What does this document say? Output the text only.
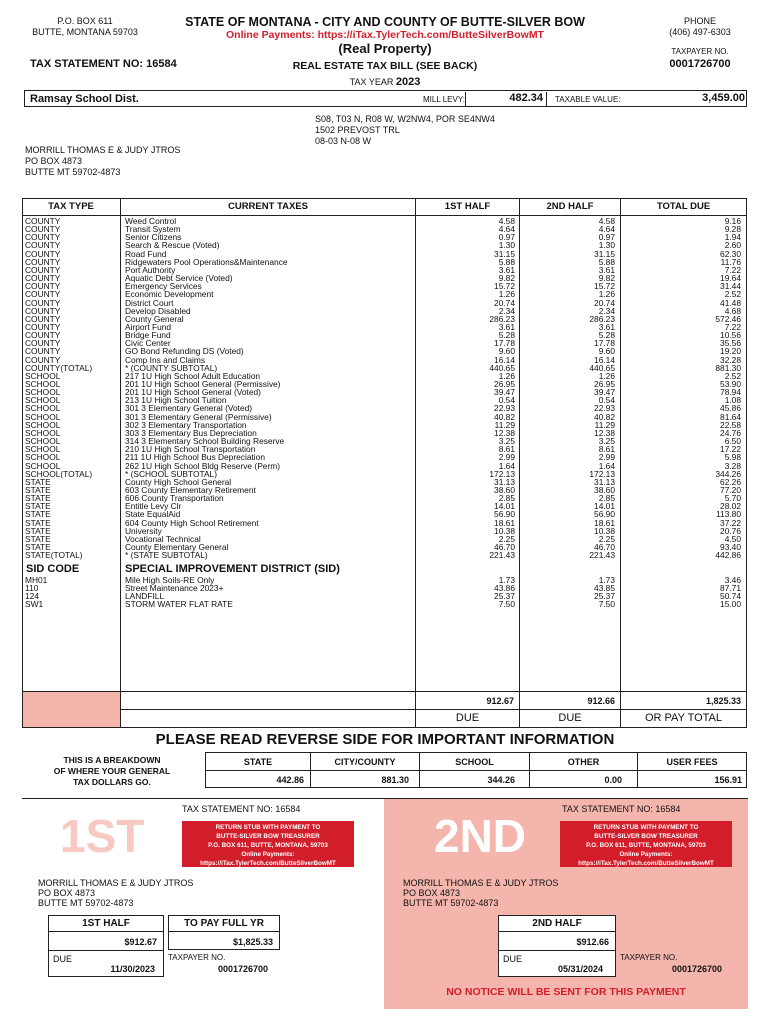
P.O. BOX 611
BUTTE, MONTANA 59703
STATE OF MONTANA - CITY AND COUNTY OF BUTTE-SILVER BOW
Online Payments: https://iTax.TylerTech.com/ButteSilverBowMT
PHONE
(406) 497-6303
(Real Property)	TAXPAYER NO.
TAX STATEMENT NO: 16584	REAL ESTATE TAX BILL (SEE BACK)	0001726700
TAX YEAR 2023
Ramsay School Dist.	MILL LEVY:	482.34	TAXABLE VALUE:	3,459.00
S08, T03 N, R08 W, W2NW4, POR SE4NW4
1502 PREVOST TRL
08-03 N-08 W
MORRILL THOMAS E & JUDY JTROS
PO BOX 4873
BUTTE MT 59702-4873
TAX TYPE	CURRENT TAXES	1ST HALF	2ND HALF	TOTAL DUE
COUNTY	Weed Control	4.58	4.58	9.16
COUNTY	Transit System	4.64	4.64	9.28
COUNTY	Senior Citizens	0.97	0.97	1.94
COUNTY	Search & Rescue (Voted)	1.30	1.30	2.60
COUNTY	Road Fund	31.15	31.15	62.30
COUNTY	Ridgewaters Pool Operations&Maintenance	5.88	5.88	11.76
COUNTY	Port Authority	3.61	3.61	7.22
COUNTY	Aquatic Debt Service (Voted)	9.82	9.82	19.64
COUNTY	Emergency Services	15.72	15.72	31.44
COUNTY	Economic Development	1.26	1.26	2.52
COUNTY	District Court	20.74	20.74	41.48
COUNTY	Develop Disabled	2.34	2.34	4.68
COUNTY	County General	286.23	286.23	572.46
COUNTY	Airport Fund	3.61	3.61	7.22
COUNTY	Bridge Fund	5.28	5.28	10.56
COUNTY	Civic Center	17.78	17.78	35.56
COUNTY	GO Bond Refunding DS (Voted)	9.60	9.60	19.20
COUNTY	Comp Ins and Claims	16.14	16.14	32.28
COUNTY(TOTAL)	* (COUNTY SUBTOTAL)	440.65	440.65	881.30
SCHOOL	217 1U High School Adult Education	1.26	1.26	2.52
SCHOOL	201 1U High School General (Permissive)	26.95	26.95	53.90
SCHOOL	201 1U High School General (Voted)	39.47	39.47	78.94
SCHOOL	213 1U High School Tuition	0.54	0.54	1.08
SCHOOL	301 3 Elementary General (Voted)	22.93	22.93	45.86
SCHOOL	301 3 Elementary General (Permissive)	40.82	40.82	81.64
SCHOOL	302 3 Elementary Transportation	11.29	11.29	22.58
SCHOOL	303 3 Elementary Bus Depreciation	12.38	12.38	24.76
SCHOOL	314 3 Elementary School Building Reserve	3.25	3.25	6.50
SCHOOL	210 1U High School Transportation	8.61	8.61	17.22
SCHOOL	211 1U High School Bus Depreciation	2.99	2.99	5.98
SCHOOL	262 1U High School Bldg Reserve (Perm)	1.64	1.64	3.28
SCHOOL(TOTAL)	* (SCHOOL SUBTOTAL)	172.13	172.13	344.26
STATE	County High School General	31.13	31.13	62.26
STATE	603 County Elementary Retirement	38.60	38.60	77.20
STATE	606 County Transportation	2.85	2.85	5.70
STATE	Entitle Levy Clr	14.01	14.01	28.02
STATE	State EqualAid	56.90	56.90	113.80
STATE	604 County High School Retirement	18.61	18.61	37.22
STATE	University	10.38	10.38	20.76
STATE	Vocational Technical	2.25	2.25	4.50
STATE	County Elementary General	46.70	46.70	93.40
STATE(TOTAL)	* (STATE SUBTOTAL)	221.43	221.43	442.86
SID CODE	SPECIAL IMPROVEMENT DISTRICT (SID)
MH01	Mile High Soils-RE Only	1.73	1.73	3.46
110	Street Maintenance 2023+	43.86	43.85	87.71
124	LANDFILL	25.37	25.37	50.74
SW1	STORM WATER FLAT RATE	7.50	7.50	15.00
912.67	912.66	1,825.33
DUE	DUE	OR PAY TOTAL
PLEASE READ REVERSE SIDE FOR IMPORTANT INFORMATION
THIS IS A BREAKDOWN
OF WHERE YOUR GENERAL
TAX DOLLARS GO.
STATE	CITY/COUNTY	SCHOOL	OTHER	USER FEES
442.86	881.30	344.26	0.00	156.91
TAX STATEMENT NO: 16584
1ST	RETURN STUB WITH PAYMENT TO
BUTTE-SILVER BOW TREASURER
P.O. BOX 611, BUTTE, MONTANA, 59703
Online Payments:
https://iTax.TylerTech.com/ButteSilverBowMT
MORRILL THOMAS E & JUDY JTROS
PO BOX 4873
BUTTE MT 59702-4873
1ST HALF
$912.67
DUE
11/30/2023
TO PAY FULL YR
$1,825.33
TAXPAYER NO.
0001726700
TAX STATEMENT NO: 16584
2ND	RETURN STUB WITH PAYMENT TO
BUTTE-SILVER BOW TREASURER
P.O. BOX 611, BUTTE, MONTANA, 59703
Online Payments:
https://iTax.TylerTech.com/ButteSilverBowMT
MORRILL THOMAS E & JUDY JTROS
PO BOX 4873
BUTTE MT 59702-4873
2ND HALF
$912.66
DUE
05/31/2024
TAXPAYER NO.
0001726700
NO NOTICE WILL BE SENT FOR THIS PAYMENT
